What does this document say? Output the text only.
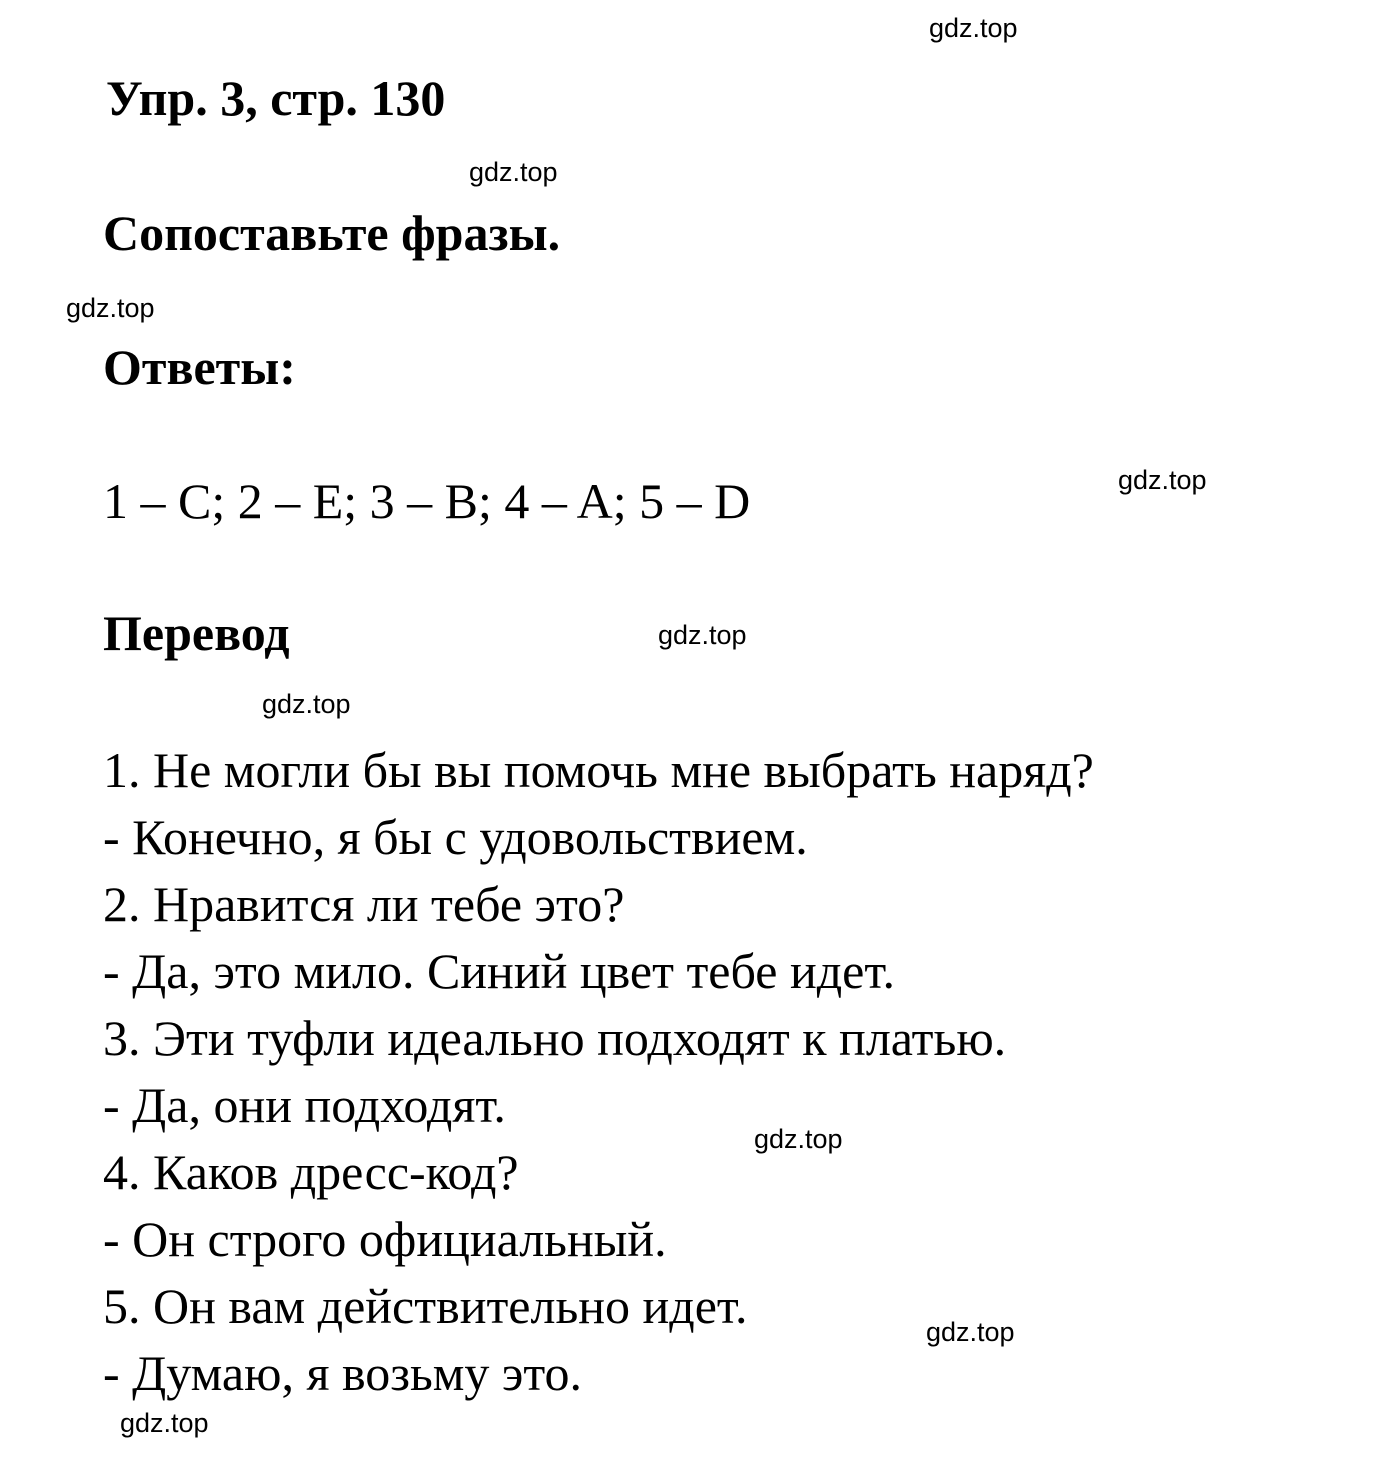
gdz.top
gdz.top
gdz.top
gdz.top
gdz.top
gdz.top
gdz.top
gdz.top
gdz.top
Упр. 3, стр. 130
Сопоставьте фразы.
Ответы:
1 – C; 2 – E; 3 – B; 4 – A; 5 – D
Перевод
1. Не могли бы вы помочь мне выбрать наряд?
- Конечно, я бы с удовольствием.
2. Нравится ли тебе это?
- Да, это мило. Синий цвет тебе идет.
3. Эти туфли идеально подходят к платью.
- Да, они подходят.
4. Каков дресс-код?
- Он строго официальный.
5. Он вам действительно идет.
- Думаю, я возьму это.
